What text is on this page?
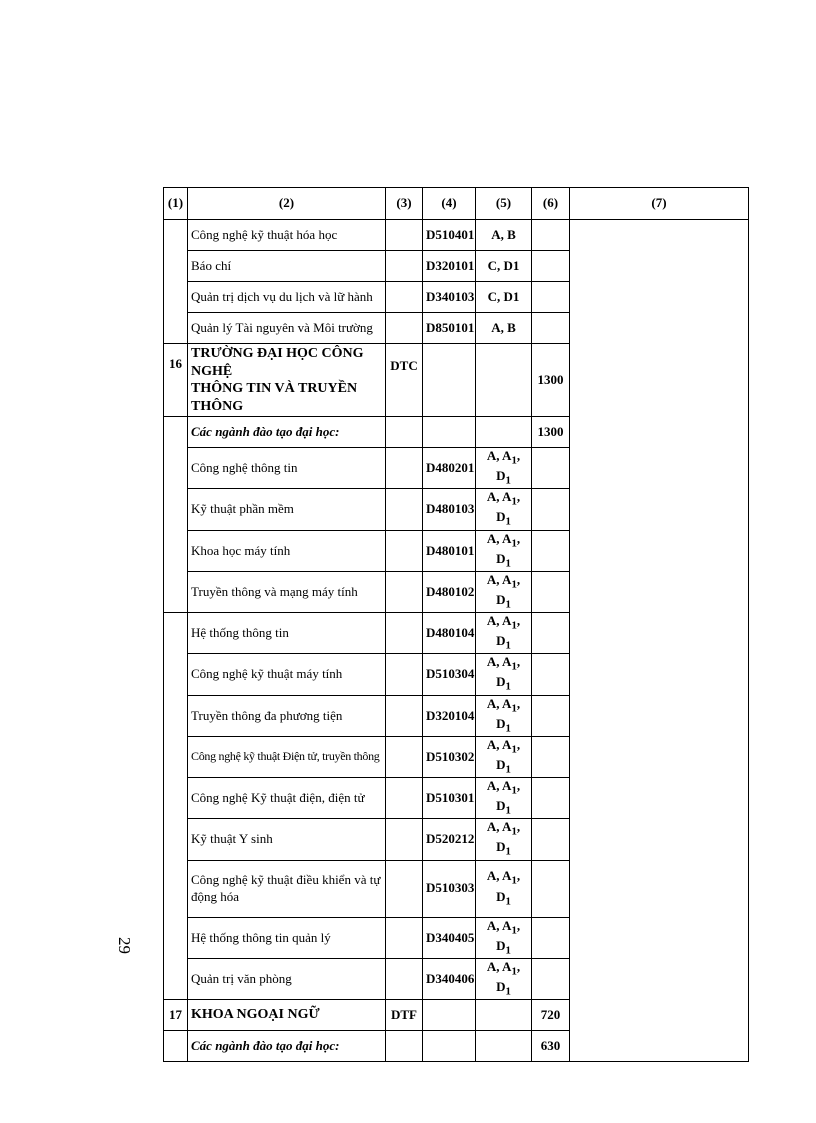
(1)	(2)	(3)	(4)	(5)	(6)	(7)
	Công nghệ kỹ thuật hóa học		D510401	A, B		
	Báo chí		D320101	C, D1		
	Quản trị dịch vụ du lịch và lữ hành		D340103	C, D1		
	Quản lý Tài nguyên và Môi trường		D850101	A, B		
16	TRƯỜNG ĐẠI HỌC CÔNG NGHỆ
THÔNG TIN VÀ TRUYỀN THÔNG	DTC			1300	
	Các ngành đào tạo đại học:				1300	
	Công nghệ thông tin		D480201	A, $A_1$, $D_1$	
	Kỹ thuật phần mềm		D480103	A, $A_1$, $D_1$	
	Khoa học máy tính		D480101	A, $A_1$, $D_1$	
	Truyền thông và mạng máy tính		D480102	A, $A_1$, $D_1$	
	Hệ thống thông tin		D480104	A, $A_1$, $D_1$		
	Công nghệ kỹ thuật máy tính		D510304	A, $A_1$, $D_1$	
	Truyền thông đa phương tiện		D320104	A, $A_1$, $D_1$	
	Công nghệ kỹ thuật Điện tử, truyền thông		D510302	A, $A_1$, $D_1$	
	Công nghệ Kỹ thuật điện, điện tử		D510301	A, $A_1$, $D_1$	
	Kỹ thuật Y sinh		D520212	A, $A_1$, $D_1$	
	Công nghệ kỹ thuật điều khiển và tự động hóa		D510303	A, $A_1$, $D_1$	
	Hệ thống thông tin quản lý		D340405	A, $A_1$, $D_1$	
	Quản trị văn phòng		D340406	A, $A_1$, $D_1$	
17	KHOA NGOẠI NGỮ	DTF			720	
	Các ngành đào tạo đại học:				630	
29
